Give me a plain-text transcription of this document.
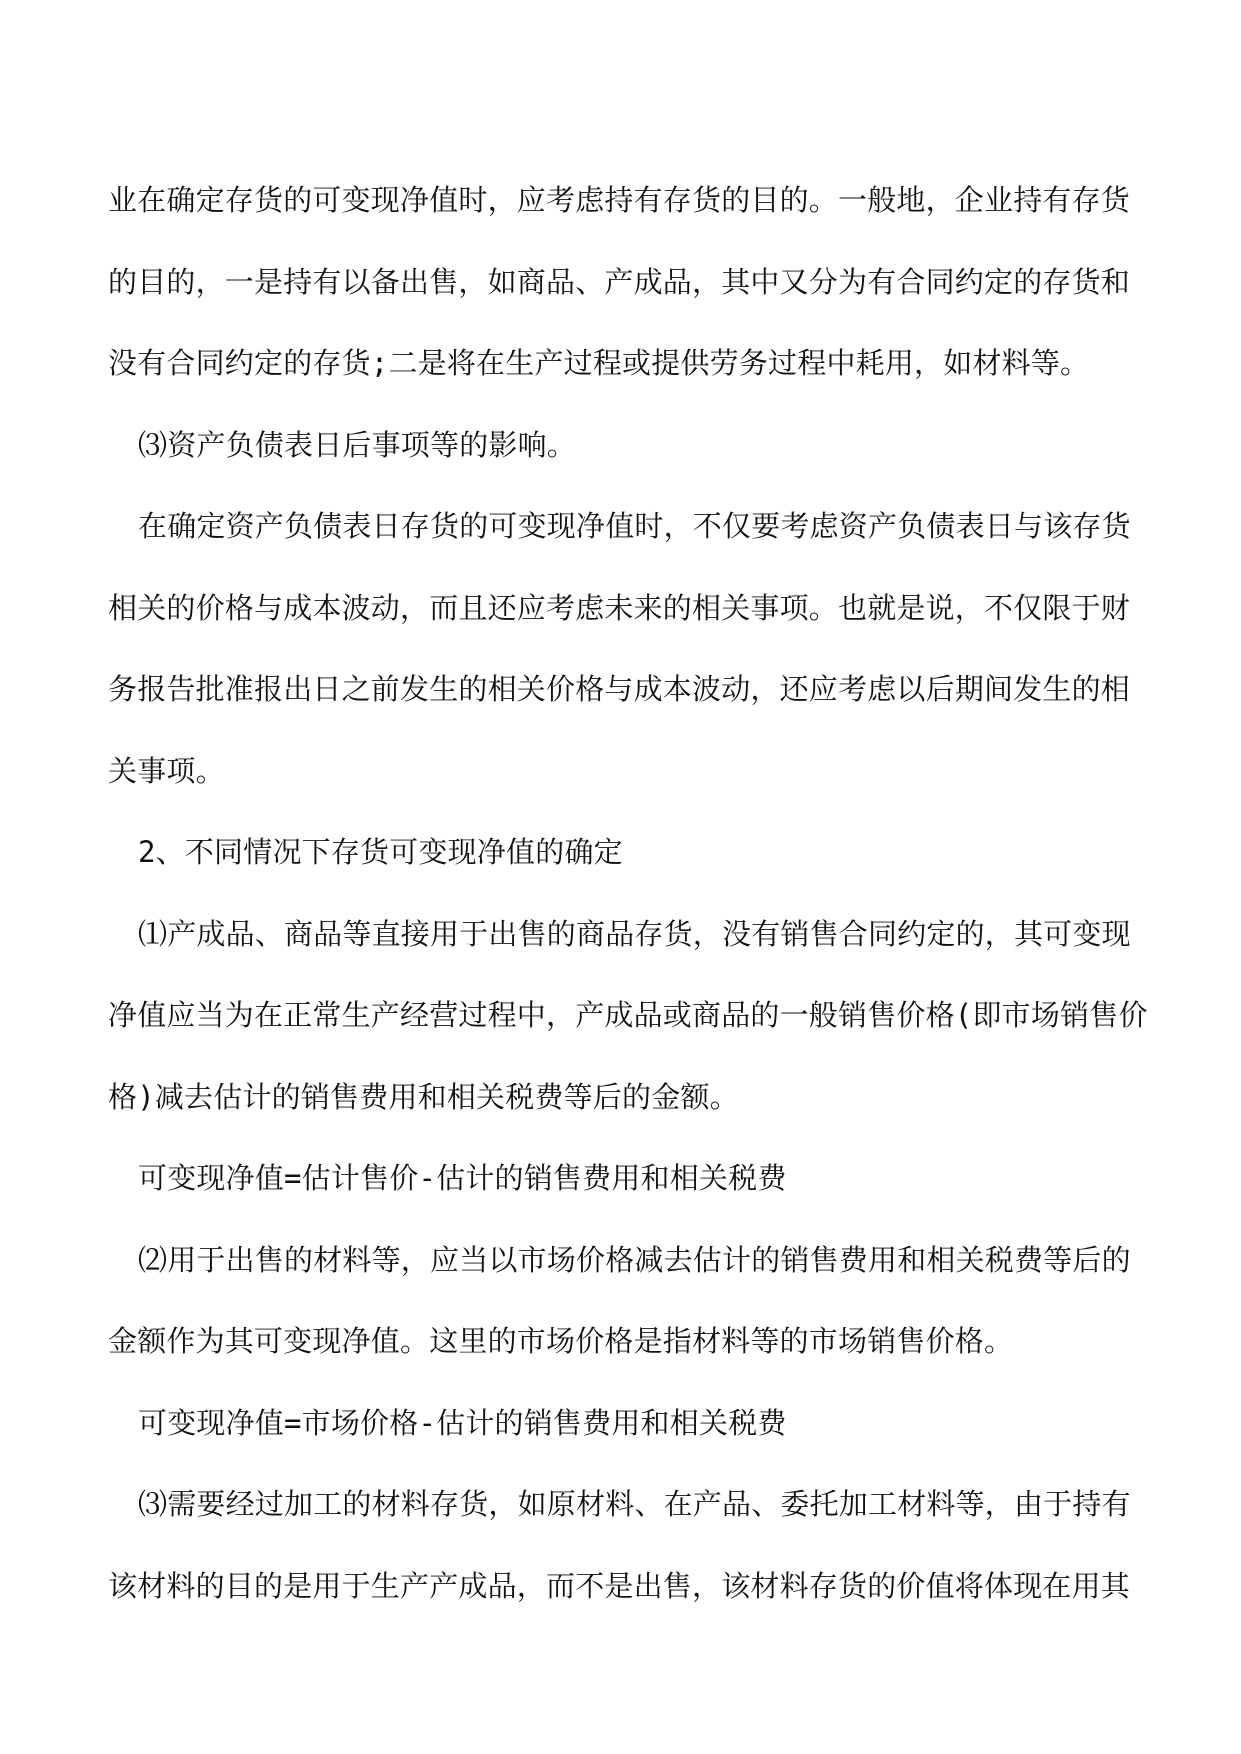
业在确定存货的可变现净值时，应考虑持有存货的目的。一般地，企业持有存货
的目的，一是持有以备出售，如商品、产成品，其中又分为有合同约定的存货和
没有合同约定的存货;二是将在生产过程或提供劳务过程中耗用，如材料等。
⑶资产负债表日后事项等的影响。
在确定资产负债表日存货的可变现净值时，不仅要考虑资产负债表日与该存货
相关的价格与成本波动，而且还应考虑未来的相关事项。也就是说，不仅限于财
务报告批准报出日之前发生的相关价格与成本波动，还应考虑以后期间发生的相
关事项。
2、不同情况下存货可变现净值的确定
⑴产成品、商品等直接用于出售的商品存货，没有销售合同约定的，其可变现
净值应当为在正常生产经营过程中，产成品或商品的一般销售价格(即市场销售价
格)减去估计的销售费用和相关税费等后的金额。
可变现净值=估计售价-估计的销售费用和相关税费
⑵用于出售的材料等，应当以市场价格减去估计的销售费用和相关税费等后的
金额作为其可变现净值。这里的市场价格是指材料等的市场销售价格。
可变现净值=市场价格-估计的销售费用和相关税费
⑶需要经过加工的材料存货，如原材料、在产品、委托加工材料等，由于持有
该材料的目的是用于生产产成品，而不是出售，该材料存货的价值将体现在用其
